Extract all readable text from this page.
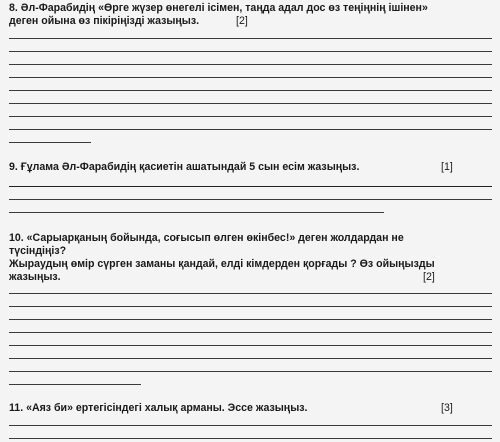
8. Әл-Фарабидің «Өрге жүзер өнегелі ісімен, таңда адал дос өз теңіңнің ішінен»
деген ойына өз пікіріңізді жазыңыз.	[2]
9. Ғұлама Әл-Фарабидің қасиетін ашатындай 5 сын есім жазыңыз.	[1]
10. «Сарыарқаның бойында, соғысып өлген өкінбес!» деген жолдардан не
түсіндіңіз?
Жыраудың өмір сүрген заманы қандай, елді кімдерден қорғады ? Өз ойыңызды
жазыңыз.	[2]
11. «Аяз би» ертегісіндегі халық арманы. Эссе жазыңыз.	[3]
